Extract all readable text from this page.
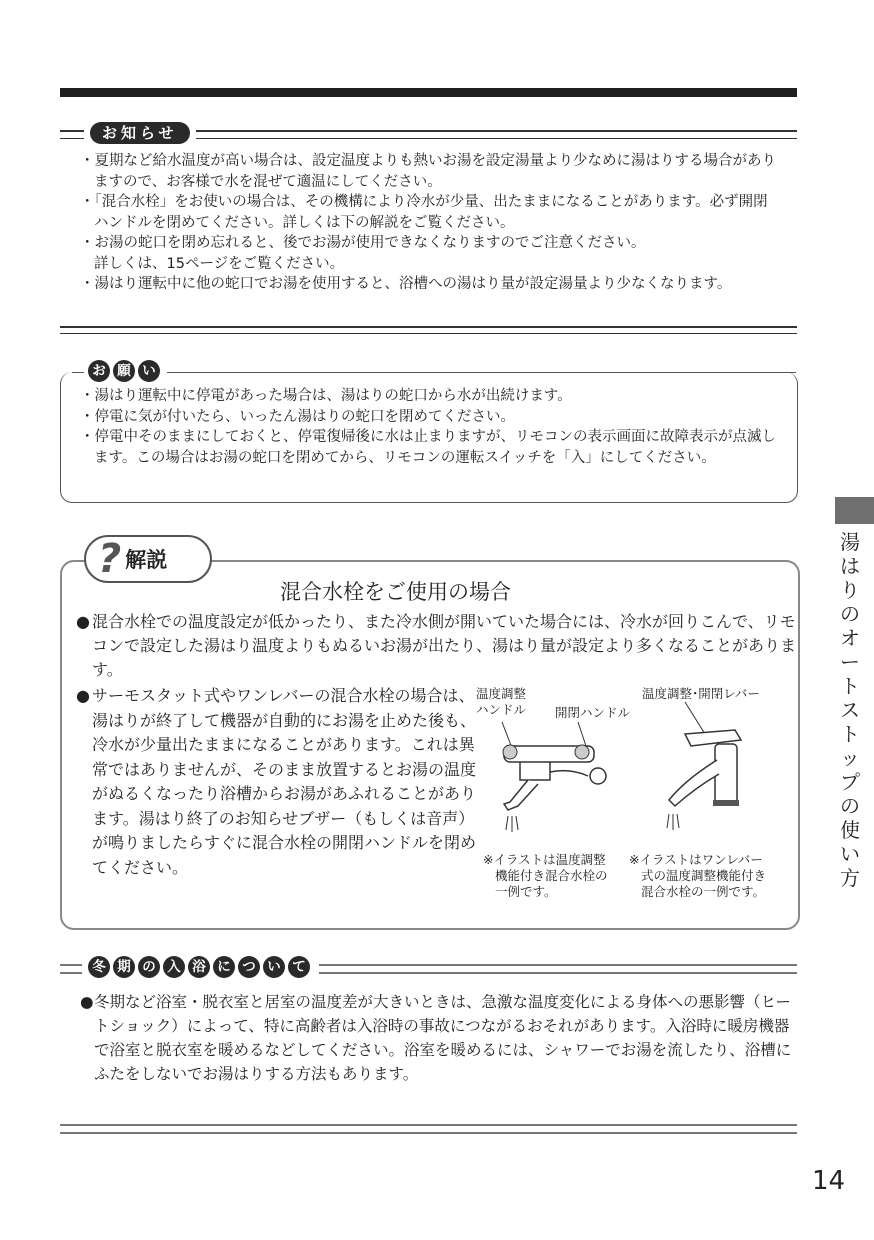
お知らせ
・夏期など給水温度が高い場合は、設定温度よりも熱いお湯を設定湯量より少なめに湯はりする場合がありますので、お客様で水を混ぜて適温にしてください。
・「混合水栓」をお使いの場合は、その機構により冷水が少量、出たままになることがあります。必ず開閉ハンドルを閉めてください。詳しくは下の解説をご覧ください。
・お湯の蛇口を閉め忘れると、後でお湯が使用できなくなりますのでご注意ください。
詳しくは、15ページをご覧ください。
・湯はり運転中に他の蛇口でお湯を使用すると、浴槽への湯はり量が設定湯量より少なくなります。
お 願 い
・湯はり運転中に停電があった場合は、湯はりの蛇口から水が出続けます。
・停電に気が付いたら、いったん湯はりの蛇口を閉めてください。
・停電中そのままにしておくと、停電復帰後に水は止まりますが、リモコンの表示画面に故障表示が点滅します。この場合はお湯の蛇口を閉めてから、リモコンの運転スイッチを「入」にしてください。
? 解説
混合水栓をご使用の場合
● 混合水栓での温度設定が低かったり、また冷水側が開いていた場合には、冷水が回りこんで、リモコンで設定した湯はり温度よりもぬるいお湯が出たり、湯はり量が設定より多くなることがあります。
● サーモスタット式やワンレバーの混合水栓の場合は、湯はりが終了して機器が自動的にお湯を止めた後も、冷水が少量出たままになることがあります。これは異常ではありませんが、そのまま放置するとお湯の温度がぬるくなったり浴槽からお湯があふれることがあります。湯はり終了のお知らせブザー（もしくは音声）が鳴りましたらすぐに混合水栓の開閉ハンドルを閉めてください。
温度調整
ハンドル 開閉ハンドル
※イラストは温度調整
機能付き混合水栓の
一例です。
温度調整･開閉レバー
※イラストはワンレバー
式の温度調整機能付き
混合水栓の一例です。
冬 期 の 入 浴 に つ い て
●冬期など浴室・脱衣室と居室の温度差が大きいときは、急激な温度変化による身体への悪影響（ヒートショック）によって、特に高齢者は入浴時の事故につながるおそれがあります。入浴時に暖房機器で浴室と脱衣室を暖めるなどしてください。浴室を暖めるには、シャワーでお湯を流したり、浴槽にふたをしないでお湯はりする方法もあります。
湯はりのオートストップの使い方
14
